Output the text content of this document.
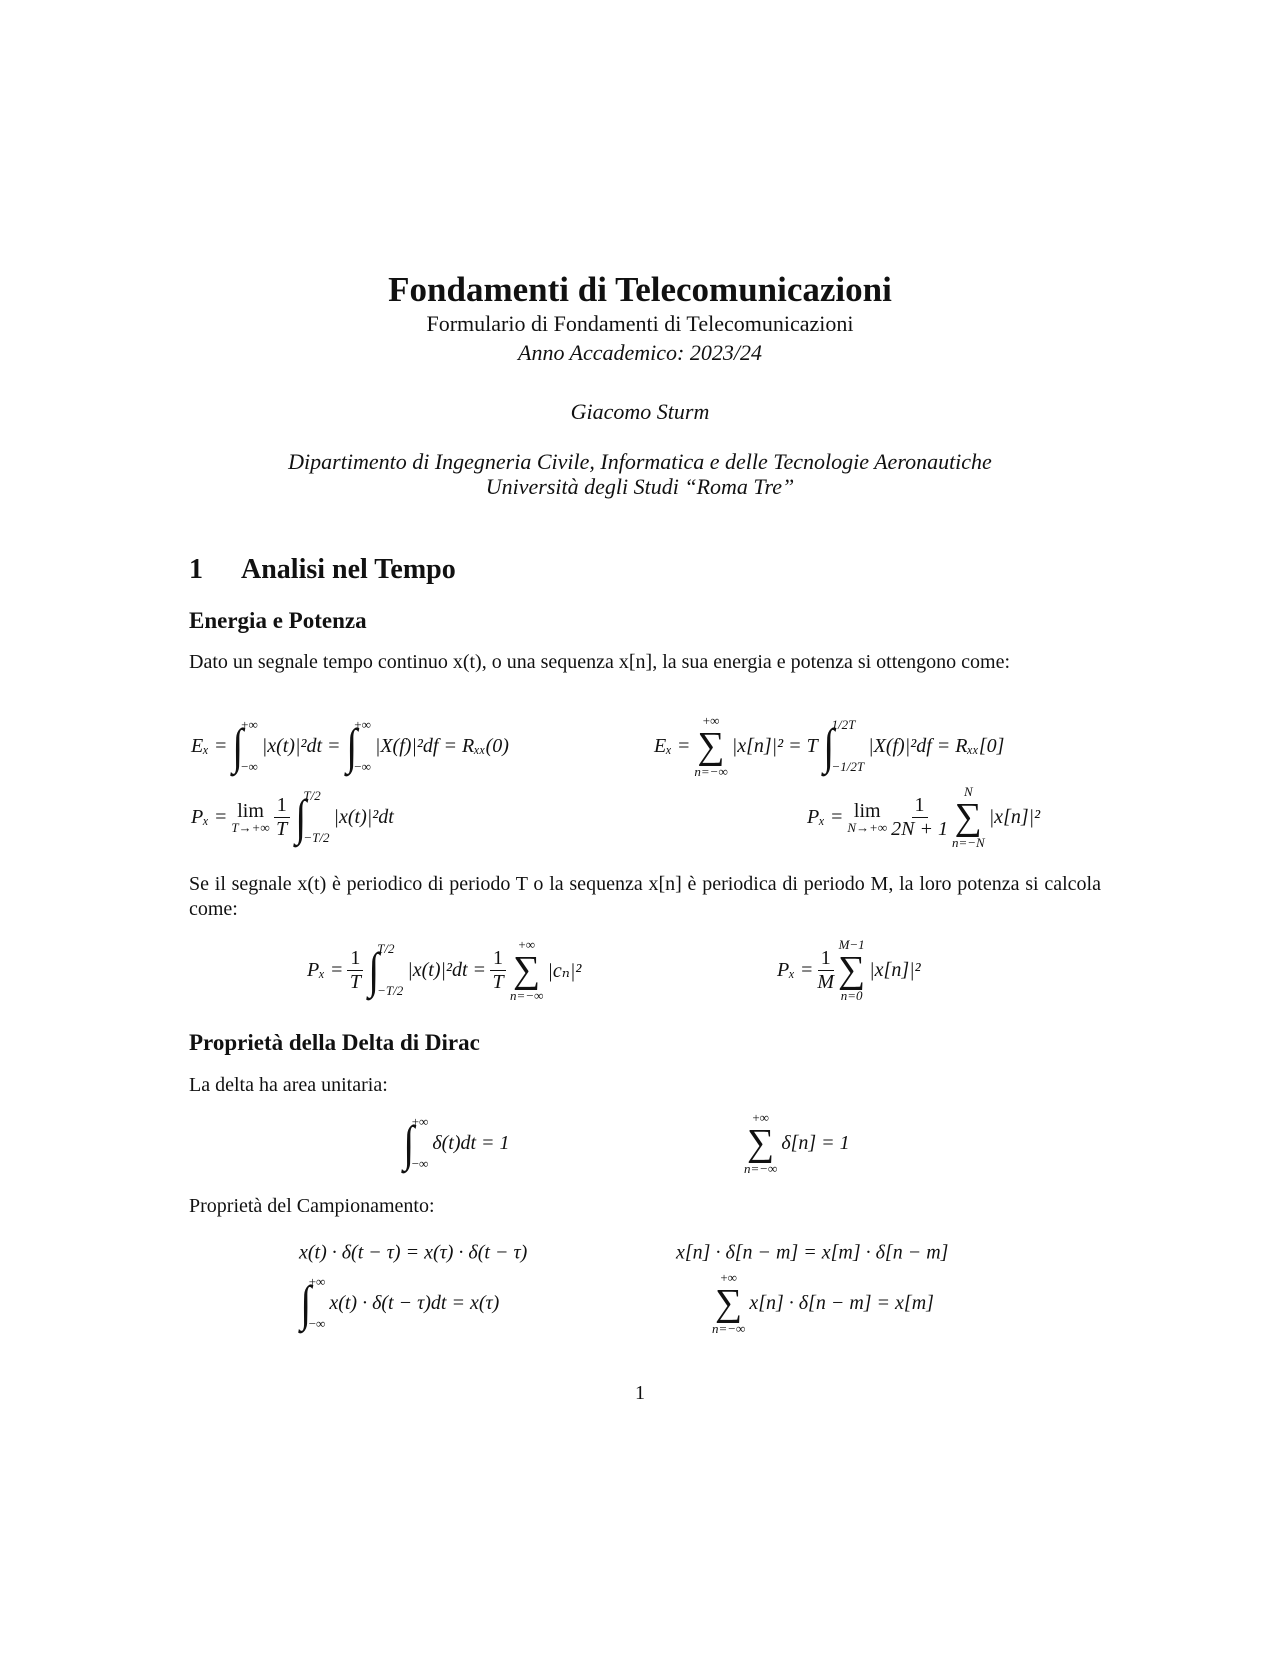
Fondamenti di Telecomunicazioni
Formulario di Fondamenti di Telecomunicazioni
Anno Accademico: 2023/24
Giacomo Sturm
Dipartimento di Ingegneria Civile, Informatica e delle Tecnologie Aeronautiche
Università degli Studi “Roma Tre”
1 Analisi nel Tempo
Energia e Potenza
Dato un segnale tempo continuo x(t), o una sequenza x[n], la sua energia e potenza si ottengono come:
Eₓ = ∫
+∞
−∞
|x(t)|²dt = ∫
+∞
−∞
|X(f)|²df = Rₓₓ(0)	Eₓ =
+∞
∑
n=−∞
|x[n]|² = T ∫
1/2T
−1/2T
|X(f)|²df = Rₓₓ[0]
Pₓ = lim
$T\to+\infty \frac{1}{T}$ ∫
T/2
−T/2
|x(t)|²dt	Pₓ = lim
$N\to+\infty \frac{1}{2N + 1}$
N
∑
n=−N
|x[n]|²
Se il segnale x(t) è periodico di periodo T o la sequenza x[n] è periodica di periodo M, la loro potenza si calcola come:
$P_x = \frac{1}{T}$ ∫
T/2
−T/2
$|x(t)|^2dt = \frac{1}{T}$
+∞
∑
n=−∞
|cₙ|²	$P_x = \frac{1}{M}$
M−1
∑
n=0
|x[n]|²
Proprietà della Delta di Dirac
La delta ha area unitaria:
∫
+∞
−∞
δ(t)dt = 1
+∞
∑
n=−∞
δ[n] = 1
Proprietà del Campionamento:
x(t) · δ(t − τ) = x(τ) · δ(t − τ)	x[n] · δ[n − m] = x[m] · δ[n − m]
∫
+∞
−∞
x(t) · δ(t − τ)dt = x(τ)
+∞
∑
n=−∞
x[n] · δ[n − m] = x[m]
1
